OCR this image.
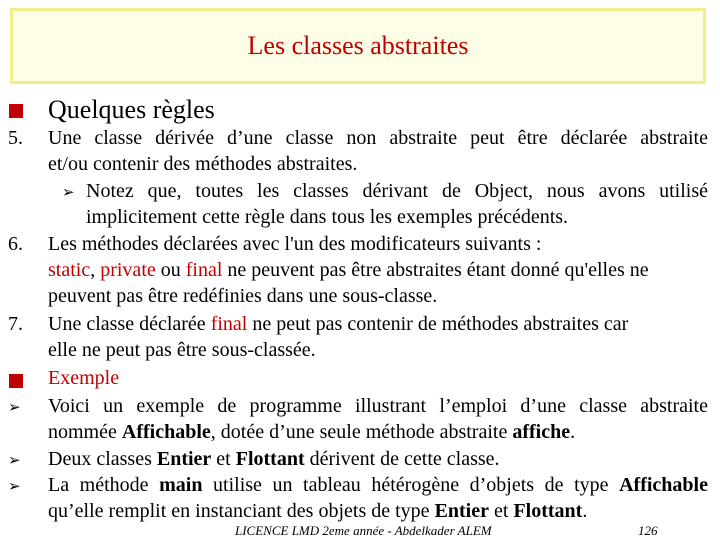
Les classes abstraites
Quelques règles
5. Une classe dérivée d’une classe non abstraite peut être déclarée abstraite
et/ou contenir des méthodes abstraites.
➢ Notez que, toutes les classes dérivant de Object, nous avons utilisé
implicitement cette règle dans tous les exemples précédents.
6. Les méthodes déclarées avec l'un des modificateurs suivants :
static, private ou final ne peuvent pas être abstraites étant donné qu'elles ne
peuvent pas être redéfinies dans une sous-classe.
7. Une classe déclarée final ne peut pas contenir de méthodes abstraites car
elle ne peut pas être sous-classée.
Exemple
➢ Voici un exemple de programme illustrant l’emploi d’une classe abstraite
nommée Affichable, dotée d’une seule méthode abstraite affiche.
➢ Deux classes Entier et Flottant dérivent de cette classe.
➢ La méthode main utilise un tableau hétérogène d’objets de type Affichable
qu’elle remplit en instanciant des objets de type Entier et Flottant.
LICENCE LMD 2eme année - Abdelkader ALEM	126
